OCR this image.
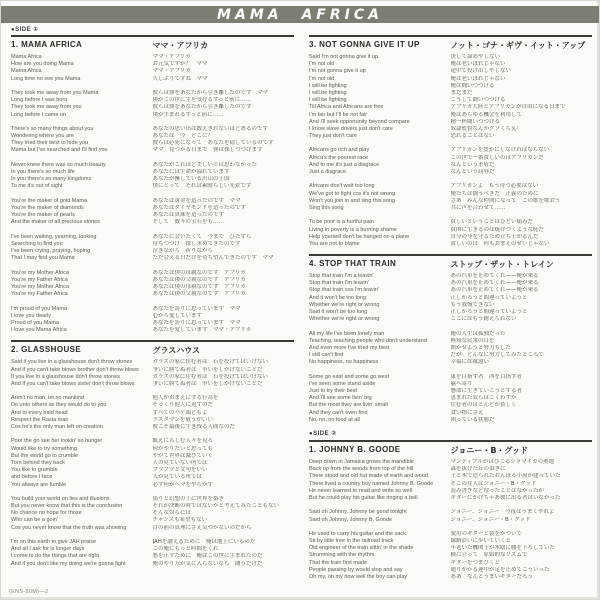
MAMA AFRICA
●SIDE ①
1. MAMA AFRICA	ママ・アフリカ
Mama Africa	ママ・アフリカ
How are you doing Mama	お元気ですか？　ママ
Mama Africa	ママ・アフリカ
Long time no see you Mama	久しぶりですね　ママ
They took me away from you Mama	彼らは僕をあなたから引き離したのです　ママ
Long before I was born	僕がこの世に生を受けるずっと前に……
They took me away from you	彼らは僕をあなたから引き離したのです
Long before I came on	僕が生まれるずっと前に……
There's so many things about you	あなたの思い出は数えきれないほどあるのです
Wondering where you are	あなたは　今　どこに？
They tried their best to hide you	彼らは必死になって　あなたを隠しているのです
Mama but I've searched and I'll find you	ママ　見つかる日まで　僕は探しつづけます
Never knew there was so much beauty	あなたがこれほど美しいとは思わなかった
In you there's so much life	あなたには生命が溢れています
In you there's so many kingdoms	あなたが擁している沢山の王国
To me it's out of sight	僕にとって　それは素晴らしい光景です
You're the maker of gold Mama	あなたは黄金を造ったのです　ママ
You're the maker of diamonds	あなたはダイヤモンドを造ったのです
You're the maker of pearls	あなたは真珠を造ったのです
And the maker of all precious stones	そして　数々の宝石をも……
I've been waiting, yearning, looking	あなたに会いたくて　今まで　ひたすら
Searching to find you	待ちつづけ　探し求めてきたのです
I've been crying, praying, hoping	泣きながら　祈りながら
That I may find you Mama	ただ会える日だけを待ち望んできたのです　ママ
You're my Mother Africa	あなたは僕の母親なのです　アフリカ
You're my Father Africa	あなたは僕の父親なのです　アフリカ
You're my Mother Africa	あなたは僕の母親なのです　アフリカ
You're my Father Africa	あなたは僕の父親なのです　アフリカ
I'm proud of you Mama	あなたを誇りに思っています　ママ
I love you dearly	心から愛しています
Proud of you Mama	あなたを誇りに思っています　ママ
I love you Mama Africa	あなたを愛しています　ママ・アフリカ
2. GLASSHOUSE	グラスハウス
Said if you live in a glasshouse don't throw stones	ガラスの家に住む者は　石を投げてはいけない
And if you can't take blows brother don't throw blows	争いに勝てぬ者は　争いをしかけないことだ
If you live in a glasshouse don't throw stones	ガラスの家に住む者は　石を投げてはいけない
And if you can't take blows sister don't throw blows	争いに勝てぬ者は　争いをしかけないことだ
Aren't no man, let no mankind	他人がおまえにする行為を
Do unto others as they would do to you	そっくり他人に返すのだ
And to every bald head	すべてのハゲ頭どもよ
Respect the Rasta man	ラスタマンを敬うがいい
Cos he's the only man left on creation	彼こそ最後に生き残る人間なのだ
Poor the go see her lookin' so hunger	飢えに苦しむ人々を見ろ
Would like to try something	何かやりたいと思っても
But the world go to crumble	やがて世界は滅びていく
Torn behind they back	人の見ていない所では
You like to grumble	ブツブツと文句をいい
and before I face	人が見ている所では
You always are fumble	必ず何かヘマをやらかす
You build your world on lies and illusions	偽りと幻想の上に世界を築き
But you never know that this is the conclusion	それが決断の時ではないかと考えてみたこともない
No chance no hope for those	そんな奴らには
Who can be a goin'	チャンスも希望もない
Cos you never know that the truth was showing	目の前の真理にさえ気づかないのだから
I'm on this earth to give JAH praise	JAHを讃えるために　俺は地上にいるのだ
And all I ask for is longer days	この俺にもっと時間をくれ
I come to do the things that are right	悪を正すために　俺はこの世に生まれたのだ
And if you don't like my doing we're gonna fight	俺のやり方が気に入らないなら　闘うだけだ
3. NOT GONNA GIVE IT UP	ノット・ゴナ・ギヴ・イット・アップ
Said I'm not gonna give it up	決して諦めやしない
I'm not old	俺は老いぼれじゃない
I'm not gonna give it up	途中で投げ出しやしない
I'm not old	俺は老いぼれじゃない
I will be fighting	俺は闘いつづける
I will be fighting	まだまだ
I will be fighting	こうして闘いつづける
Till Africa and Africans are free	アフリカ大陸とアフリカンが自由になる日まで
I'm fair but I'll be not fair	俺はあらゆる機会を利用して
And I'll seek opportunity beyond compare	精一杯闘いつづける
I know slave drivers just don't care	奴隷監督なんかクソくらえ！
They just don't care	恐れることはない
Africans go rich and play	アフリカンを豊かにしなければならない
Africa's the poorest race	この世で一番貧しいのはアフリカンだ
And to me it's just a disgrace	なんという矛盾だ
Just a disgrace	なんという屈辱だ
Africans don't wait too long	アフリカンよ　もう待つ必要はない
We've got to fight cos it's not wrong	俺たちは闘うべきだ　正義のために
Won't you join in and sing this song	さあ　みんな仲間になって　この歌を歌おう
Sing this song	共に声を合わせて……
To be poor is a hurtful pain	貧しいということはひどい痛みだ
Living in poverty is a burning shame	貧困に生きるのは焼けつくような恥だ
Help yourself don't be hanged on a plane	自分の身を守るため立ち上がるんだ
You are not to blame	貧しいのは　何もおまえのせいじゃない
4. STOP THAT TRAIN	ストップ・ザット・トレイン
Stop that train I'm a leavin'	あの汽車を止めてくれ——俺が乗る
Stop that train I'm leavin'	あの汽車を止めてくれ——俺が乗る
Stop that train cos I'm leavin'	あの汽車を止めてくれ——俺が乗る
And it won't be too long	正しかろうと間違っていようと
Whether we're right or wrong	もう我慢できない
Said it won't be too long	正しかろうと間違っていようと
Whether we're right or wrong	ここにはもう耐えられない
All my life I've been lonely man	俺の人生は孤独だった
Teaching, teaching people who don't understand	無知な民衆の目を
And even more I've tried my best	開かせようと努力もした
I still can't find	だが　どんなに努力してみたところで
No happiness, no happiness	幸福には縁遠い
Some go east and some go west	東を目指す者　西を目指す者
I've seen some stand aside	脇へ寄り
Just to try their best	懸命に生きていこうとする者
And I'll see some livin' big	恵まれた奴らはごくわずか
But the most they are livin' small	住む者のほとんどが貧しく
And they can't even find	食い物にさえ
No, no, no food at all	困っている状態だ
●SIDE ②
1. JOHNNY B. GOODE	ジョニー・B・グッド
Deep down in Jamaica grows the mandible	マンディブルがはびこるジャマイカの奥地
Back up from the woods from top of the hill	森を抜けた丘の頂きに
There stood and old hut made of earth and wood	土と木で造られたおんぼろ小屋が建っていた
There lived a country boy named Johnny B. Goode	そこの住人はジョニー・B・グッド
He never learned to read and write so well	読み書きなど習ったことはなかったが
But he could play his guitar like ringing a bell	ギターにかけちゃあ彼に出る者はいなかった
Said oh Johnny, Johnny be good tonight	ジョニー、ジョニー　今夜はうまくやれよ
Said oh Johnny, Johnny B. Goode	ジョニー、ジョニー・B・グッド
He used to carry his guitar and the sack	愛用のギターと袋をかついで
Sit by little tree in the railroad track	線路沿いに歩いていくと
Old engineer of the train sittin' in the shade	年老いた機関士が木陰に腰を下ろしていた
Strumming with the rhythm	横に立って　原始的なリズムで
That the train first made	ギターをつまびくと
People passing by would stop and say	通りがかる連中が足を止めてこういった
Oh my, oh my how well the boy can play	ああ　なんとうまいギターだろう
(ENS-80M)—2
